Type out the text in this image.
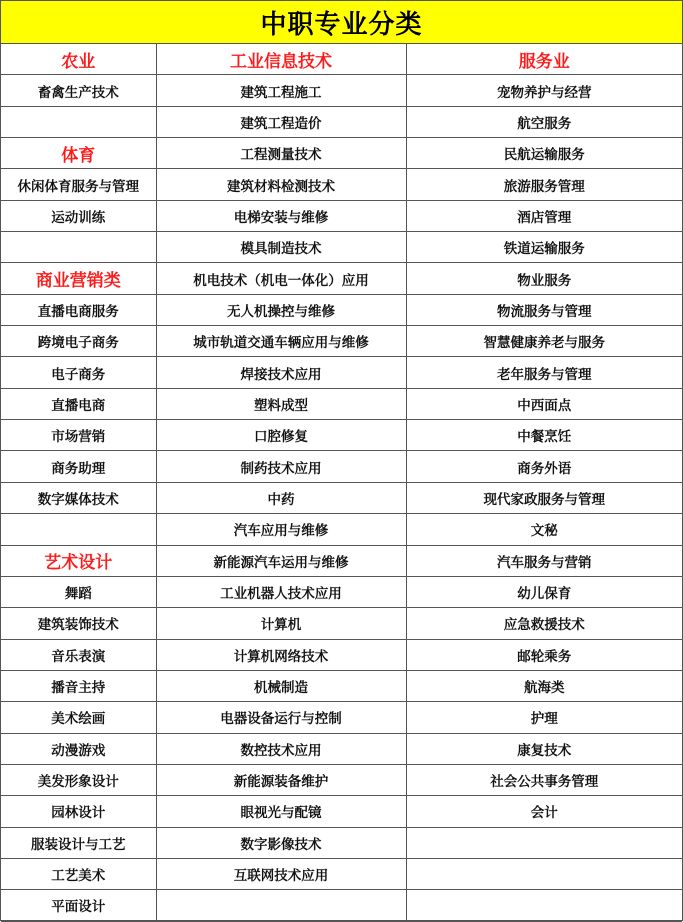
中职专业分类
农业	工业信息技术	服务业
畜禽生产技术	建筑工程施工	宠物养护与经营
	建筑工程造价	航空服务
体育	工程测量技术	民航运输服务
休闲体育服务与管理	建筑材料检测技术	旅游服务管理
运动训练	电梯安装与维修	酒店管理
	模具制造技术	铁道运输服务
商业营销类	机电技术（机电一体化）应用	物业服务
直播电商服务	无人机操控与维修	物流服务与管理
跨境电子商务	城市轨道交通车辆应用与维修	智慧健康养老与服务
电子商务	焊接技术应用	老年服务与管理
直播电商	塑料成型	中西面点
市场营销	口腔修复	中餐烹饪
商务助理	制药技术应用	商务外语
数字媒体技术	中药	现代家政服务与管理
	汽车应用与维修	文秘
艺术设计	新能源汽车运用与维修	汽车服务与营销
舞蹈	工业机器人技术应用	幼儿保育
建筑装饰技术	计算机	应急救援技术
音乐表演	计算机网络技术	邮轮乘务
播音主持	机械制造	航海类
美术绘画	电器设备运行与控制	护理
动漫游戏	数控技术应用	康复技术
美发形象设计	新能源装备维护	社会公共事务管理
园林设计	眼视光与配镜	会计
服装设计与工艺	数字影像技术	
工艺美术	互联网技术应用	
平面设计		
